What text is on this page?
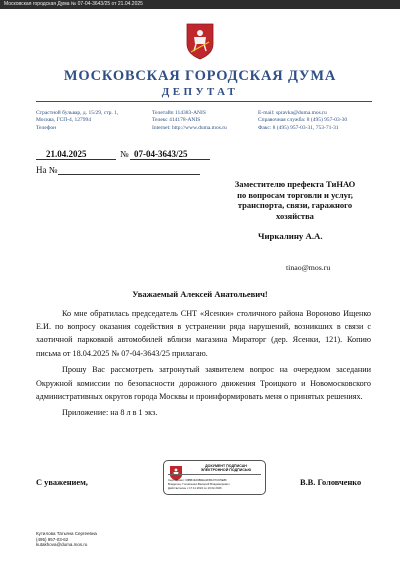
Московская городская Дума № 07-04-3643/25 от 21.04.2025
МОСКОВСКАЯ ГОРОДСКАЯ ДУМА
ДЕПУТАТ
Страстной бульвар, д. 15/29, стр. 1,
Москва, ГСП-4, 127994
Телефон
Телетайп 114383-ANIS
Телекс 414178-ANIS
Internet: http://www.duma.mos.ru
E-mail: spravka@duma.mos.ru
Справочная служба: 8 (495) 957-03-30
Факс: 8 (495) 957-03-31, 753-71-31
21.04.2025	№ 07-04-3643/25
На №
Заместителю префекта ТиНАО
по вопросам торговли и услуг,
транспорта, связи, гаражного
хозяйства
Чиркалину А.А.
tinao@mos.ru
Уважаемый Алексей Анатольевич!

Ко мне обратилась председатель СНТ «Ясенки» столичного района Вороново Ищенко Е.И. по вопросу оказания содействия в устранении ряда нарушений, возникших в связи с хаотичной парковкой автомобилей вблизи магазина Мираторг (дер. Ясенки, 121). Копию письма от 18.04.2025 № 07-04-3643/25 прилагаю.

Прошу Вас рассмотреть затронутый заявителем вопрос на очередном заседании Окружной комиссии по безопасности дорожного движения Троицкого и Новомосковского административных округов города Москвы и проинформировать меня о принятых решениях.

Приложение: на 8 л в 1 экз.

С уважением,
ДОКУМЕНТ ПОДПИСАН
ЭЛЕКТРОННОЙ ПОДПИСЬЮ
Сертификат: 00BB19A9B0EA2FB1D7CD5E8F
Владелец: Головченко Валерий Владимирович
Действителен с 17.11.2024 по 10.02.2026
В.В. Головченко
Кутилова Татьяна Сергеевна
(495) 957-03-62
kutakhova@duma.mos.ru
